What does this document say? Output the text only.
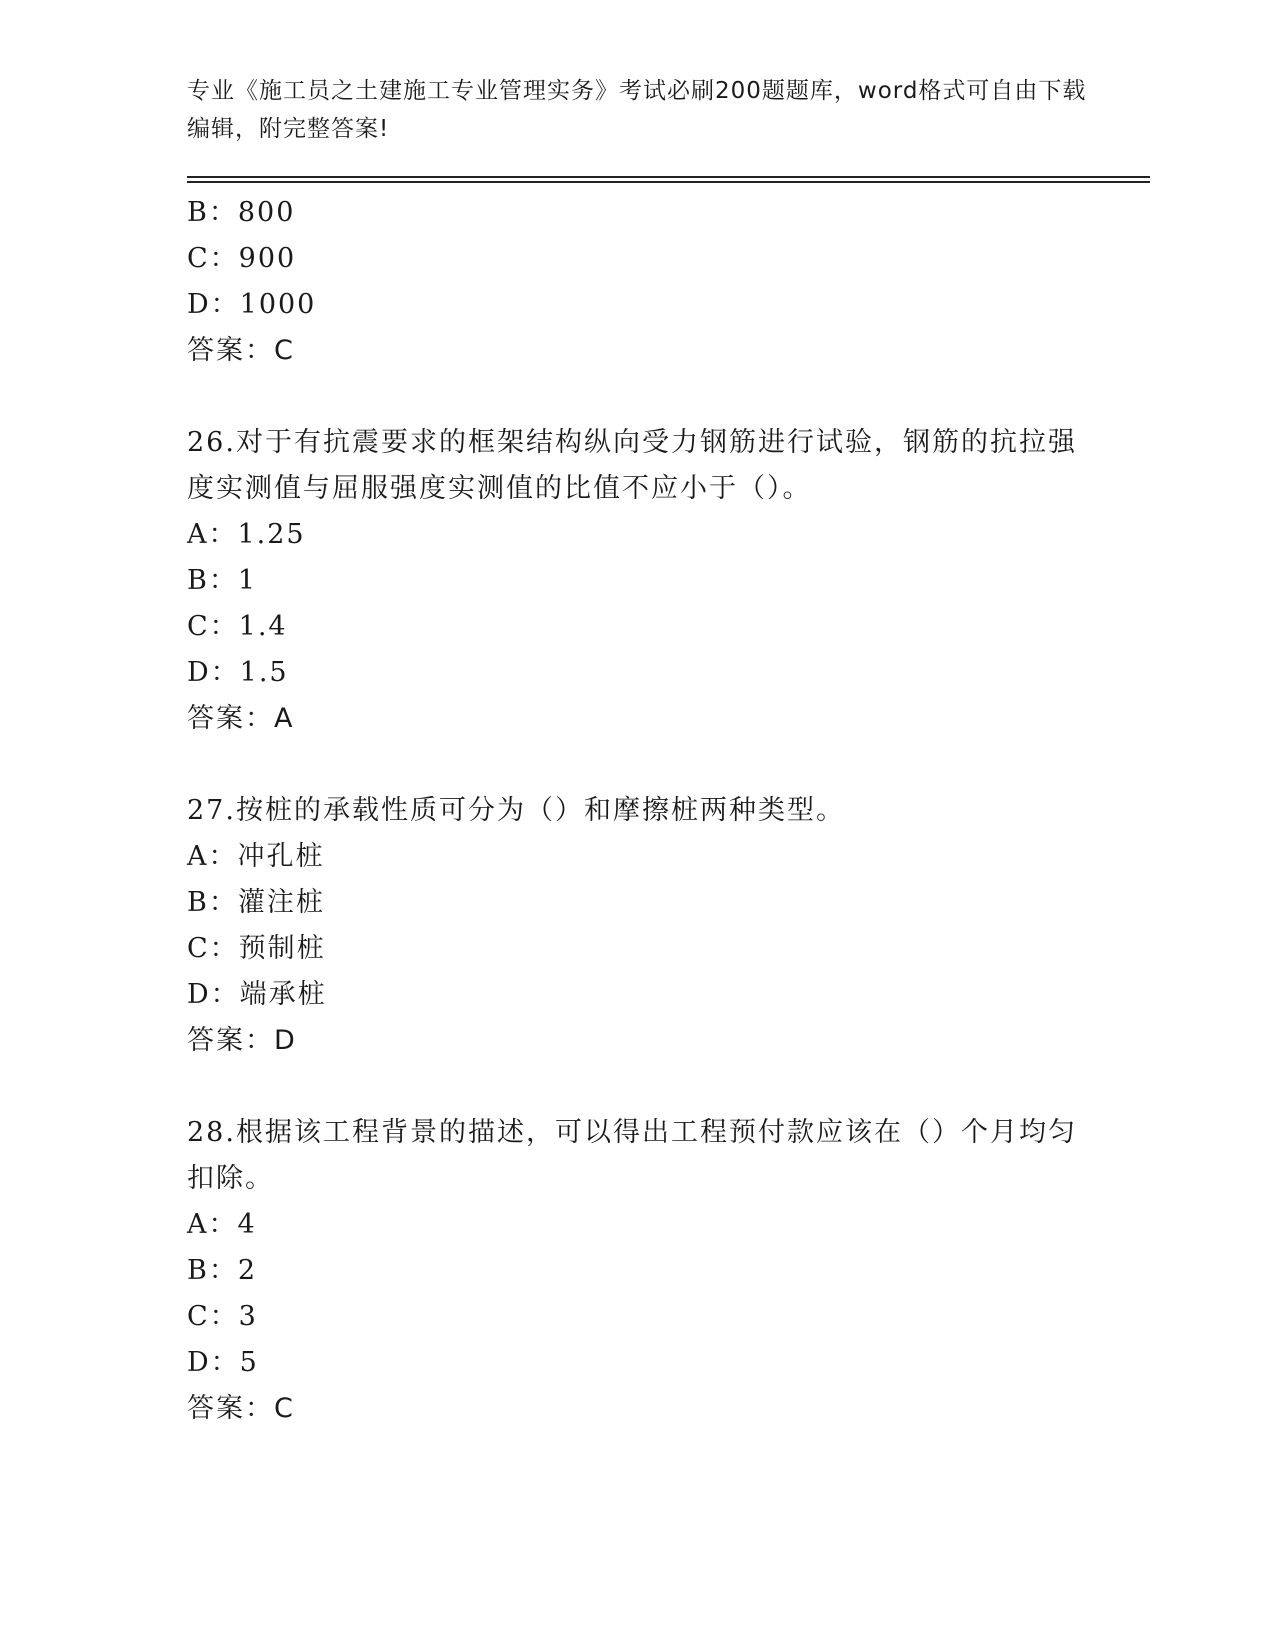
专业《施工员之土建施工专业管理实务》考试必刷200题题库，word格式可自由下载编辑，附完整答案!
B：800
C：900
D：1000
答案：C
26.对于有抗震要求的框架结构纵向受力钢筋进行试验，钢筋的抗拉强度实测值与屈服强度实测值的比值不应小于（）。
A：1.25
B：1
C：1.4
D：1.5
答案：A
27.按桩的承载性质可分为（）和摩擦桩两种类型。
A：冲孔桩
B：灌注桩
C：预制桩
D：端承桩
答案：D
28.根据该工程背景的描述，可以得出工程预付款应该在（）个月均匀扣除。
A：4
B：2
C：3
D：5
答案：C
